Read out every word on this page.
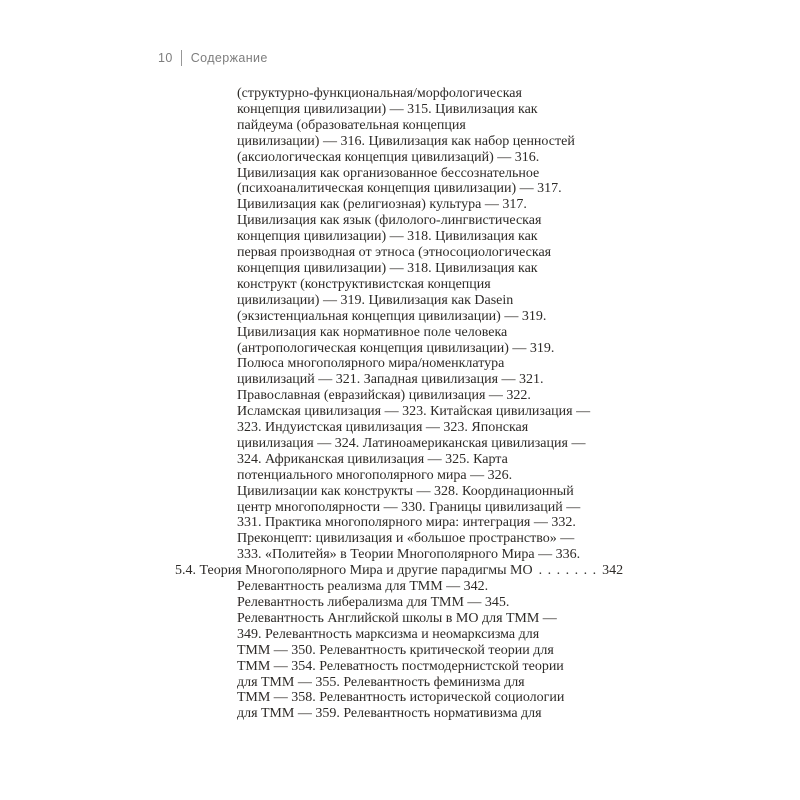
10 Содержание
(структурно-функциональная/морфологическая
концепция цивилизации) — 315. Цивилизация как
пайдеума (образовательная концепция
цивилизации) — 316. Цивилизация как набор ценностей
(аксиологическая концепция цивилизаций) — 316.
Цивилизация как организованное бессознательное
(психоаналитическая концепция цивилизации) — 317.
Цивилизация как (религиозная) культура — 317.
Цивилизация как язык (филолого-лингвистическая
концепция цивилизации) — 318. Цивилизация как
первая производная от этноса (этносоциологическая
концепция цивилизации) — 318. Цивилизация как
конструкт (конструктивистская концепция
цивилизации) — 319. Цивилизация как Dasein
(экзистенциальная концепция цивилизации) — 319.
Цивилизация как нормативное поле человека
(антропологическая концепция цивилизации) — 319.
Полюса многополярного мира/номенклатура
цивилизаций — 321. Западная цивилизация — 321.
Православная (евразийская) цивилизация — 322.
Исламская цивилизация — 323. Китайская цивилизация —
323. Индуистская цивилизация — 323. Японская
цивилизация — 324. Латиноамериканская цивилизация —
324. Африканская цивилизация — 325. Карта
потенциального многополярного мира — 326.
Цивилизации как конструкты — 328. Координационный
центр многополярности — 330. Границы цивилизаций —
331. Практика многополярного мира: интеграция — 332.
Преконцепт: цивилизация и «большое пространство» —
333. «Политейя» в Теории Многополярного Мира — 336.
5.4. Теория Многополярного Мира и другие парадигмы МО . . . . . . . 342
Релевантность реализма для ТММ — 342.
Релевантность либерализма для ТММ — 345.
Релевантность Английской школы в МО для ТММ —
349. Релевантность марксизма и неомарксизма для
ТММ — 350. Релевантность критической теории для
ТММ — 354. Релеватность постмодернистской теории
для ТММ — 355. Релевантность феминизма для
ТММ — 358. Релевантность исторической социологии
для ТММ — 359. Релевантность нормативизма для
